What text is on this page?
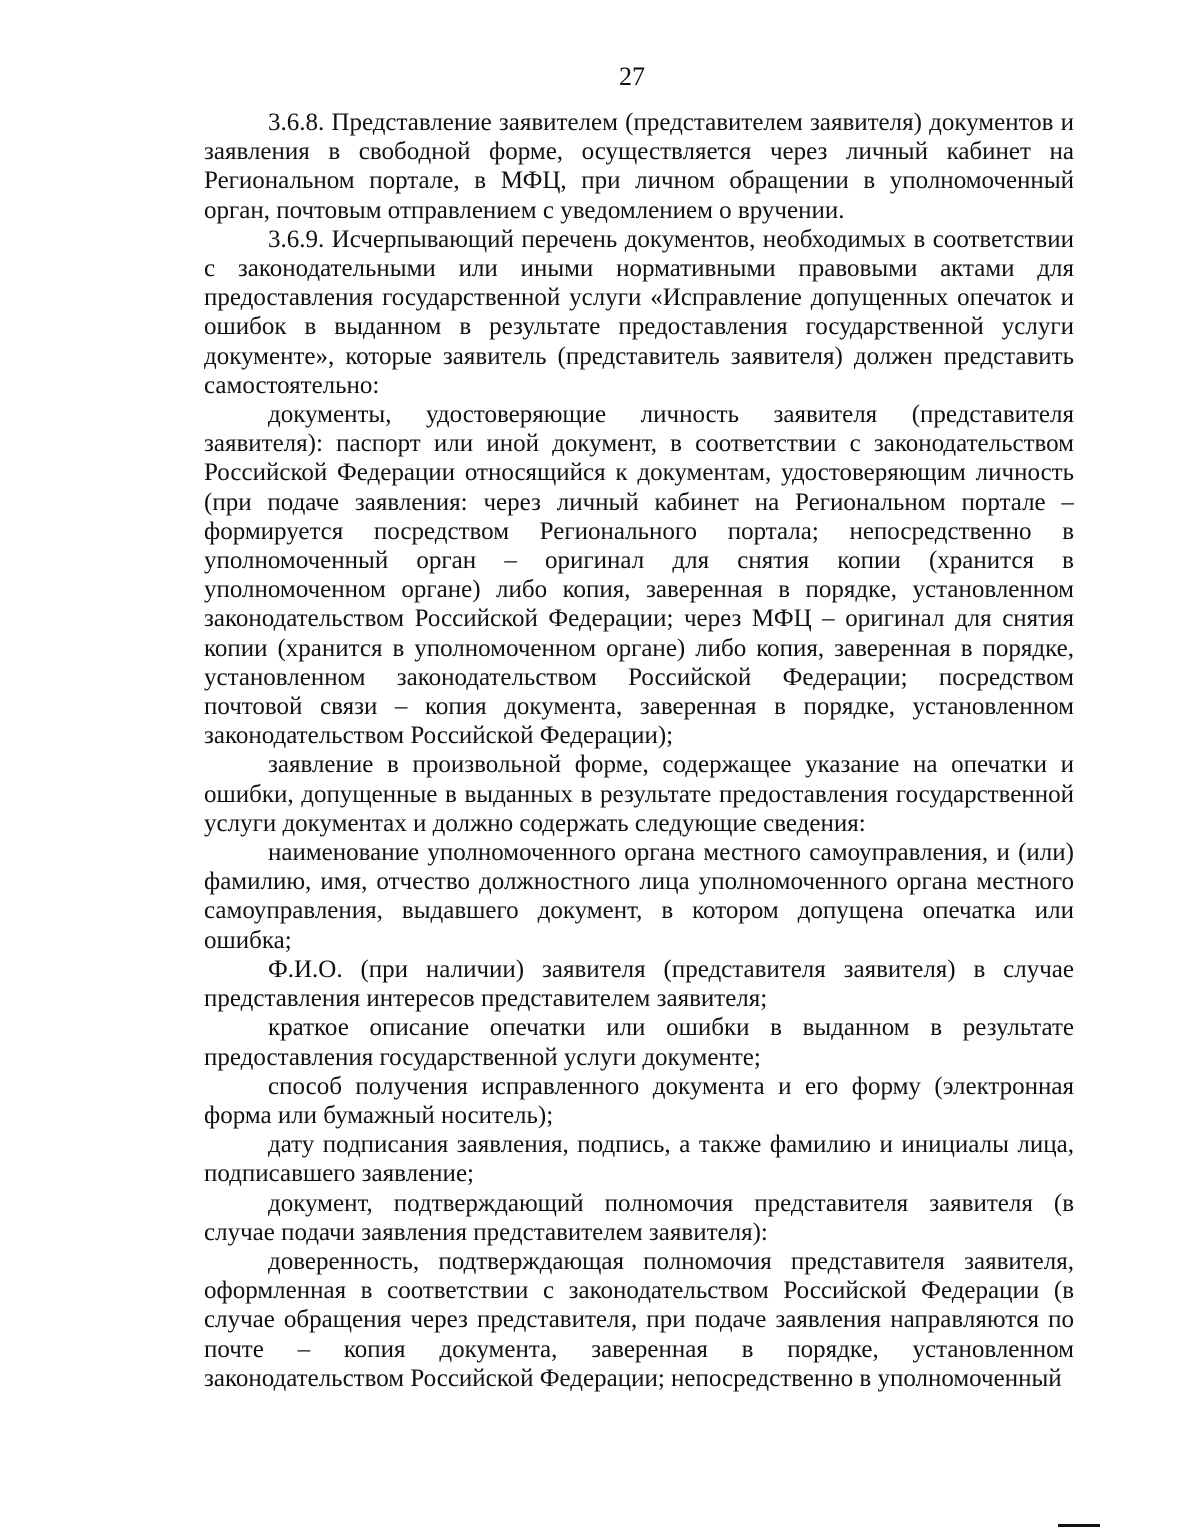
27

3.6.8. Представление заявителем (представителем заявителя) документов и заявления в свободной форме, осуществляется через личный кабинет на Региональном портале, в МФЦ, при личном обращении в уполномоченный орган, почтовым отправлением с уведомлением о вручении.

3.6.9. Исчерпывающий перечень документов, необходимых в соответствии с законодательными или иными нормативными правовыми актами для предоставления государственной услуги «Исправление допущенных опечаток и ошибок в выданном в результате предоставления государственной услуги документе», которые заявитель (представитель заявителя) должен представить самостоятельно:

документы, удостоверяющие личность заявителя (представителя заявителя): паспорт или иной документ, в соответствии с законодательством Российской Федерации относящийся к документам, удостоверяющим личность (при подаче заявления: через личный кабинет на Региональном портале – формируется посредством Регионального портала; непосредственно в уполномоченный орган – оригинал для снятия копии (хранится в уполномоченном органе) либо копия, заверенная в порядке, установленном законодательством Российской Федерации; через МФЦ – оригинал для снятия копии (хранится в уполномоченном органе) либо копия, заверенная в порядке, установленном законодательством Российской Федерации; посредством почтовой связи – копия документа, заверенная в порядке, установленном законодательством Российской Федерации);

заявление в произвольной форме, содержащее указание на опечатки и ошибки, допущенные в выданных в результате предоставления государственной услуги документах и должно содержать следующие сведения:

наименование уполномоченного органа местного самоуправления, и (или) фамилию, имя, отчество должностного лица уполномоченного органа местного самоуправления, выдавшего документ, в котором допущена опечатка или ошибка;

Ф.И.О. (при наличии) заявителя (представителя заявителя) в случае представления интересов представителем заявителя;

краткое описание опечатки или ошибки в выданном в результате предоставления государственной услуги документе;

способ получения исправленного документа и его форму (электронная форма или бумажный носитель);

дату подписания заявления, подпись, а также фамилию и инициалы лица, подписавшего заявление;

документ, подтверждающий полномочия представителя заявителя (в случае подачи заявления представителем заявителя):

доверенность, подтверждающая полномочия представителя заявителя, оформленная в соответствии с законодательством Российской Федерации (в случае обращения через представителя, при подаче заявления направляются по почте – копия документа, заверенная в порядке, установленном законодательством Российской Федерации; непосредственно в уполномоченный
